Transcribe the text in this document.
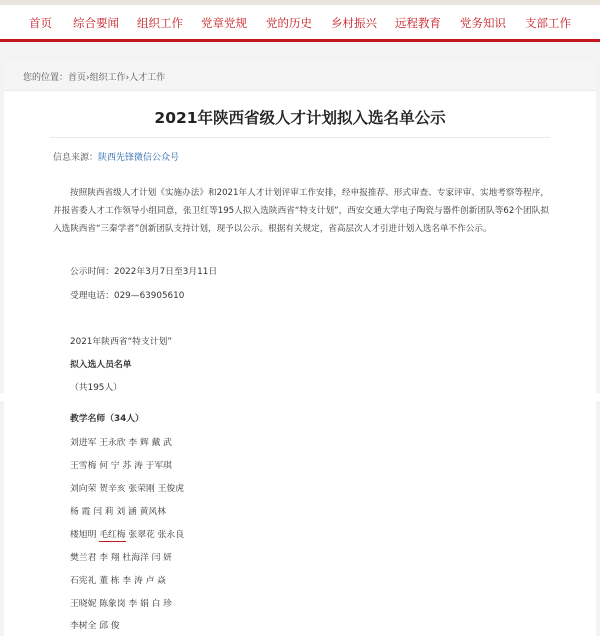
首页 综合要闻 组织工作 党章党规 党的历史 乡村振兴 远程教育 党务知识 支部工作
您的位置：首页›组织工作›人才工作
2021年陕西省级人才计划拟入选名单公示
信息来源：陕西先锋微信公众号
按照陕西省级人才计划《实施办法》和2021年人才计划评审工作安排，经申报推荐、形式审查、专家评审、实地考察等程序，并报省委人才工作领导小组同意，张卫红等195人拟入选陕西省“特支计划”，西安交通大学电子陶瓷与器件创新团队等62个团队拟入选陕西省“三秦学者”创新团队支持计划，现予以公示。根据有关规定，省高层次人才引进计划入选名单不作公示。
公示时间：2022年3月7日至3月11日
受理电话：029—63905610
2021年陕西省“特支计划”
拟入选人员名单
（共195人）
教学名师（34人）
刘进军 王永欣 李 辉 戴 武
王雪梅 何 宁 苏 涛 于军琪
刘向荣 贺辛亥 张荣刚 王俊虎
杨 霞 闫 莉 刘 涵 黄风林
楼旭明 毛红梅 张翠花 张永良
樊兰君 李 翔 杜海洋 闫 妍
石宪礼 董 栋 李 涛 卢 焱
王晓妮 陈象岗 李 娟 白 珍
李树全 邱 俊
